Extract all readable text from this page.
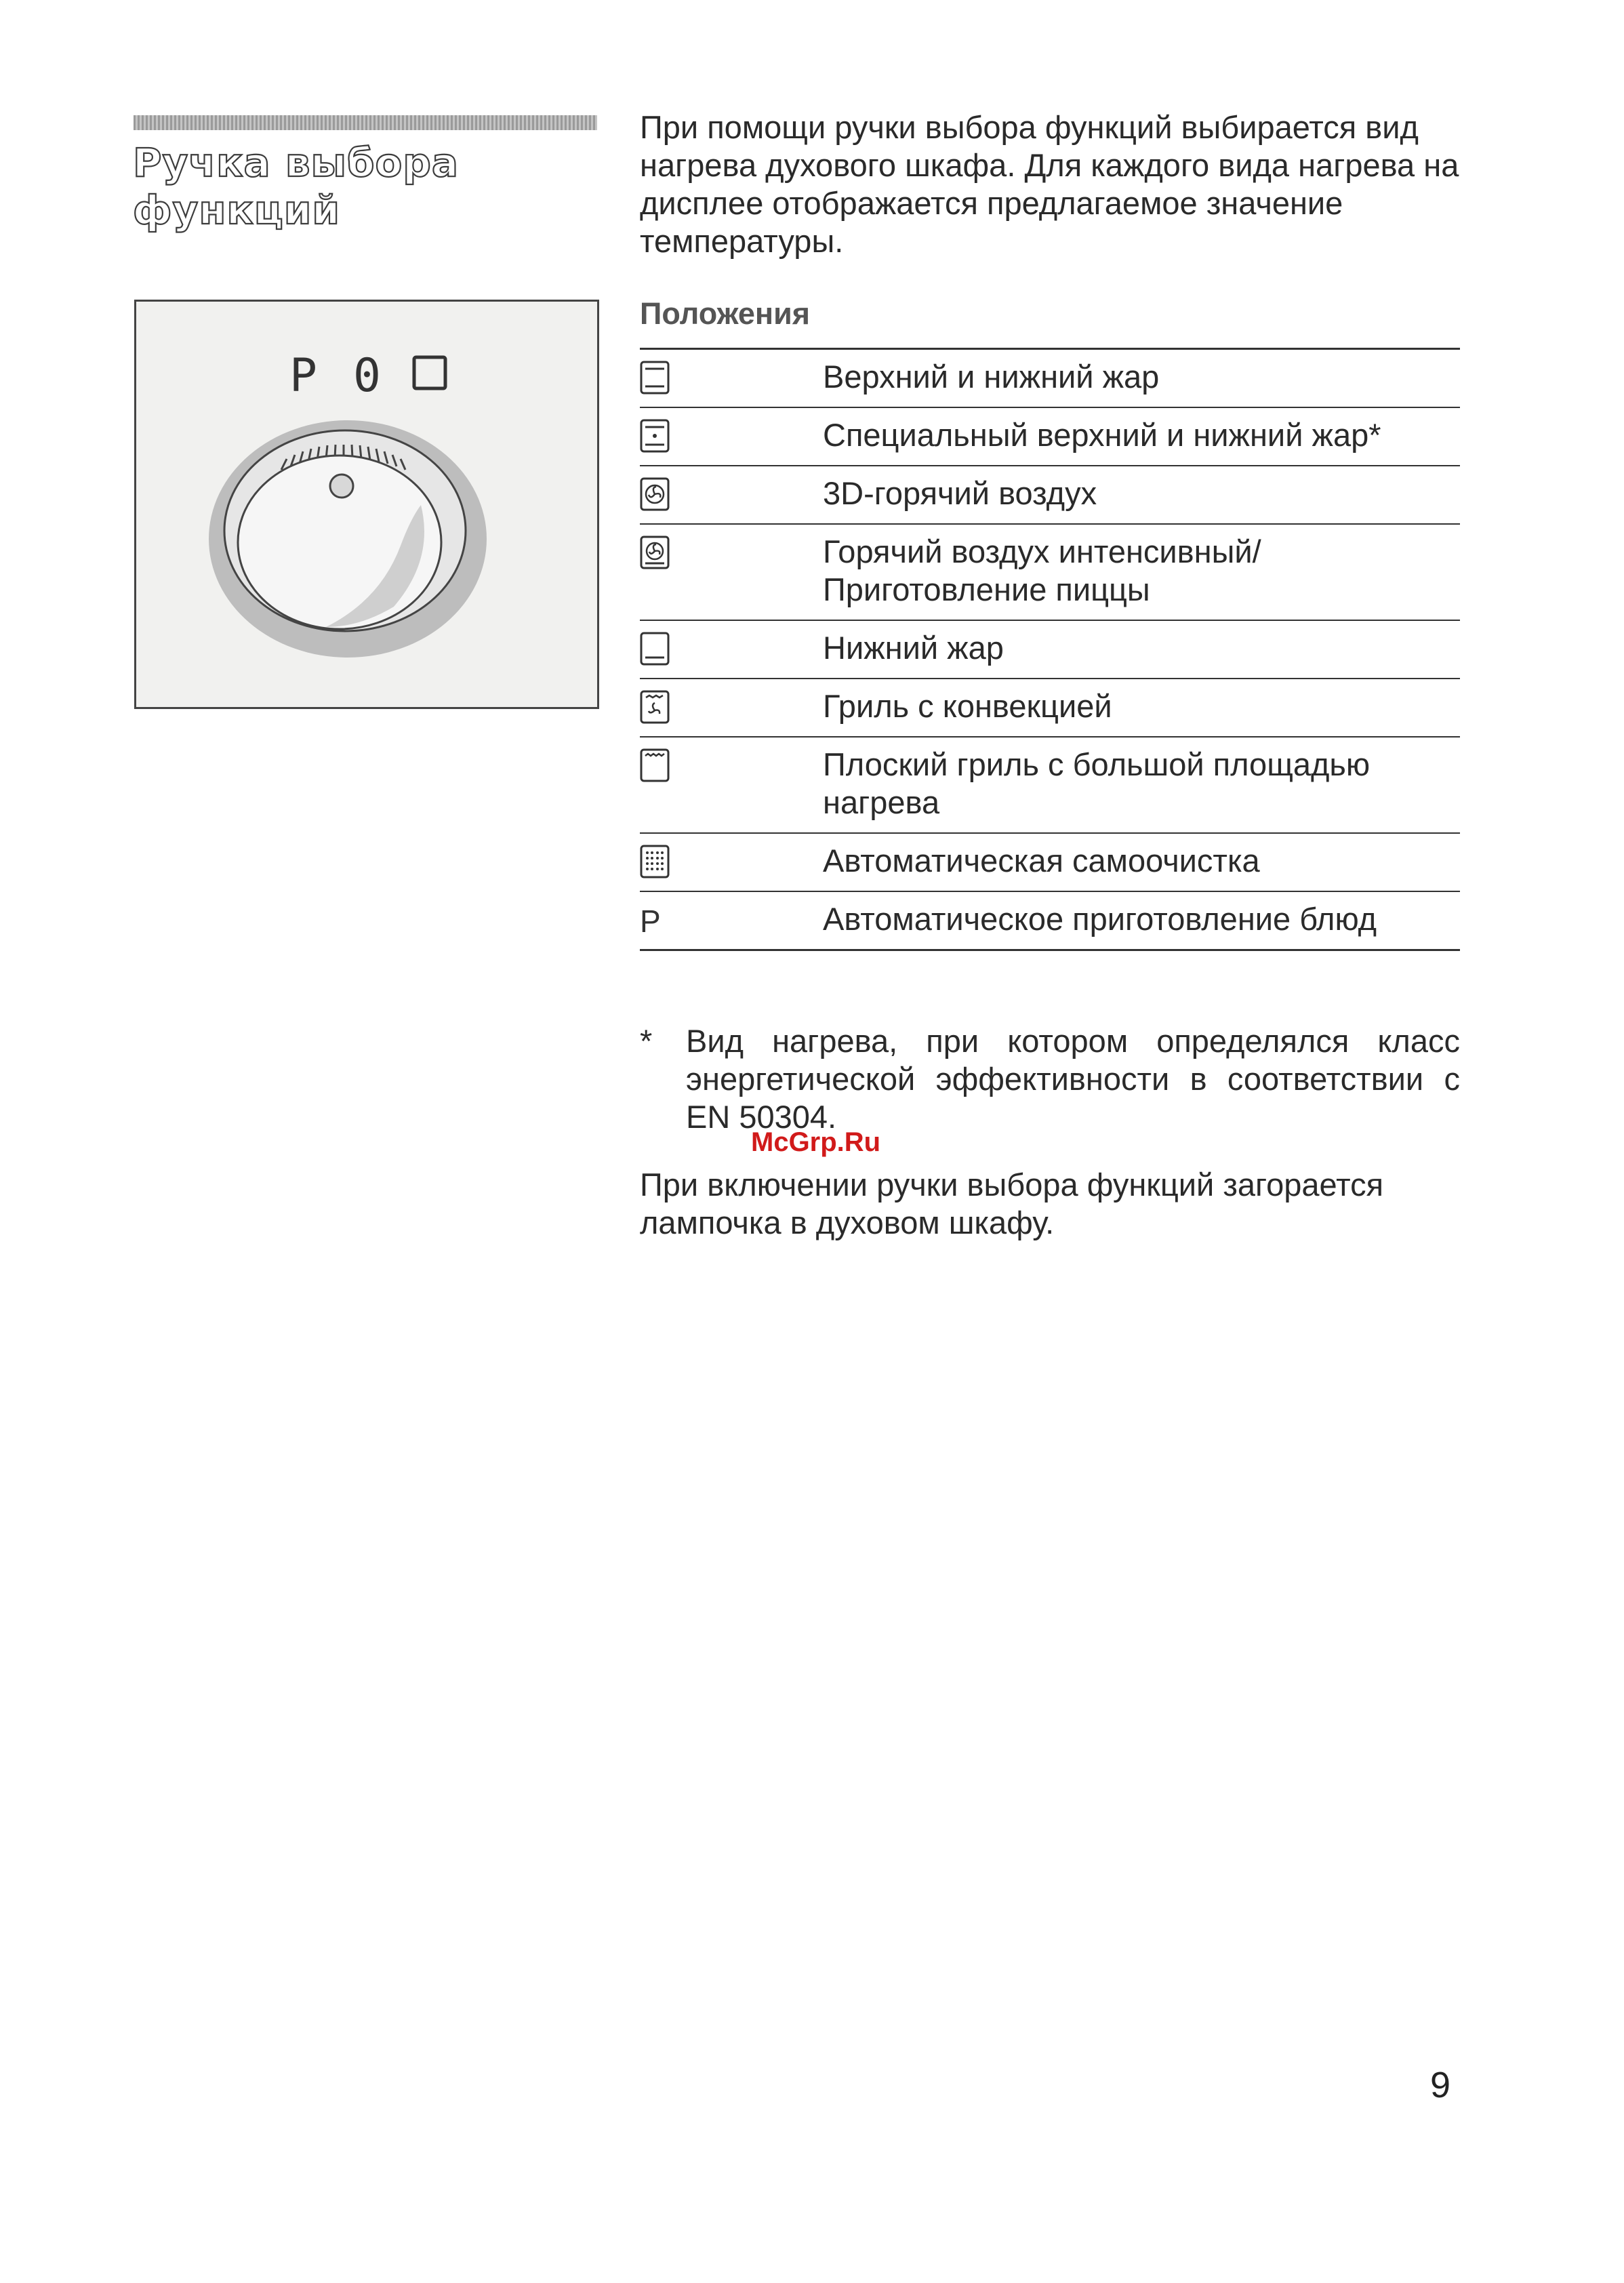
Ручка выбора
функций
P 0

При помощи ручки выбора функций выбирается вид нагрева духового шкафа. Для каждого вида нагрева на дисплее отображается предлагаемое значение температуры.

Положения
Верхний и нижний жар
Специальный верхний и нижний жар*
3D-горячий воздух
Горячий воздух интенсивный/ Приготовление пиццы
Нижний жар
Гриль с конвекцией
Плоский гриль с большой площадью нагрева
Автоматическая самоочистка
P	Автоматическое приготовление блюд
*	Вид нагрева, при котором определялся класс энергетической эффективности в соответствии с EN 50304.
McGrp.Ru

При включении ручки выбора функций загорается лампочка в духовом шкафу.

9
